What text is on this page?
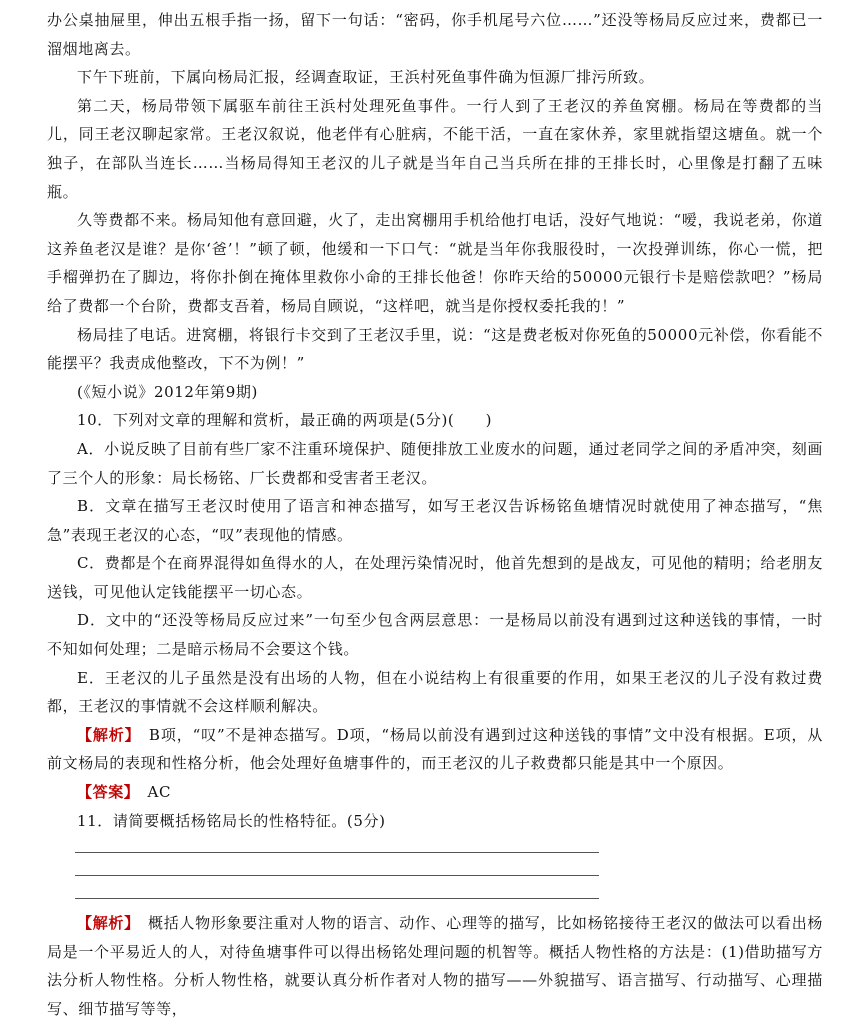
办公桌抽屉里，伸出五根手指一扬，留下一句话：“密码，你手机尾号六位……”还没等杨局反应过来，费都已一溜烟地离去。

下午下班前，下属向杨局汇报，经调查取证，王浜村死鱼事件确为恒源厂排污所致。

第二天，杨局带领下属驱车前往王浜村处理死鱼事件。一行人到了王老汉的养鱼窝棚。杨局在等费都的当儿，同王老汉聊起家常。王老汉叙说，他老伴有心脏病，不能干活，一直在家休养，家里就指望这塘鱼。就一个独子，在部队当连长……当杨局得知王老汉的儿子就是当年自己当兵所在排的王排长时，心里像是打翻了五味瓶。

久等费都不来。杨局知他有意回避，火了，走出窝棚用手机给他打电话，没好气地说：“嗳，我说老弟，你道这养鱼老汉是谁？是你‘爸’！”顿了顿，他缓和一下口气：“就是当年你我服役时，一次投弹训练，你心一慌，把手榴弹扔在了脚边，将你扑倒在掩体里救你小命的王排长他爸！你昨天给的50000元银行卡是赔偿款吧？”杨局给了费都一个台阶，费都支吾着，杨局自顾说，“这样吧，就当是你授权委托我的！”

杨局挂了电话。进窝棚，将银行卡交到了王老汉手里，说：“这是费老板对你死鱼的50000元补偿，你看能不能摆平？我责成他整改，下不为例！”

(《短小说》2012年第9期)

10．下列对文章的理解和赏析，最正确的两项是(5分)(　　)

A．小说反映了目前有些厂家不注重环境保护、随便排放工业废水的问题，通过老同学之间的矛盾冲突，刻画了三个人的形象：局长杨铭、厂长费都和受害者王老汉。

B．文章在描写王老汉时使用了语言和神态描写，如写王老汉告诉杨铭鱼塘情况时就使用了神态描写，“焦急”表现王老汉的心态，“叹”表现他的情感。

C．费都是个在商界混得如鱼得水的人，在处理污染情况时，他首先想到的是战友，可见他的精明；给老朋友送钱，可见他认定钱能摆平一切心态。

D．文中的“还没等杨局反应过来”一句至少包含两层意思：一是杨局以前没有遇到过这种送钱的事情，一时不知如何处理；二是暗示杨局不会要这个钱。

E．王老汉的儿子虽然是没有出场的人物，但在小说结构上有很重要的作用，如果王老汉的儿子没有救过费都，王老汉的事情就不会这样顺利解决。

【解析】　 B项，“叹”不是神态描写。D项，“杨局以前没有遇到过这种送钱的事情”文中没有根据。E项，从前文杨局的表现和性格分析，他会处理好鱼塘事件的，而王老汉的儿子救费都只能是其中一个原因。

【答案】　 AC

11．请简要概括杨铭局长的性格特征。(5分)

【解析】　 概括人物形象要注重对人物的语言、动作、心理等的描写，比如杨铭接待王老汉的做法可以看出杨局是一个平易近人的人，对待鱼塘事件可以得出杨铭处理问题的机智等。概括人物性格的方法是：(1)借助描写方法分析人物性格。分析人物性格，就要认真分析作者对人物的描写——外貌描写、语言描写、行动描写、心理描写、细节描写等等，
